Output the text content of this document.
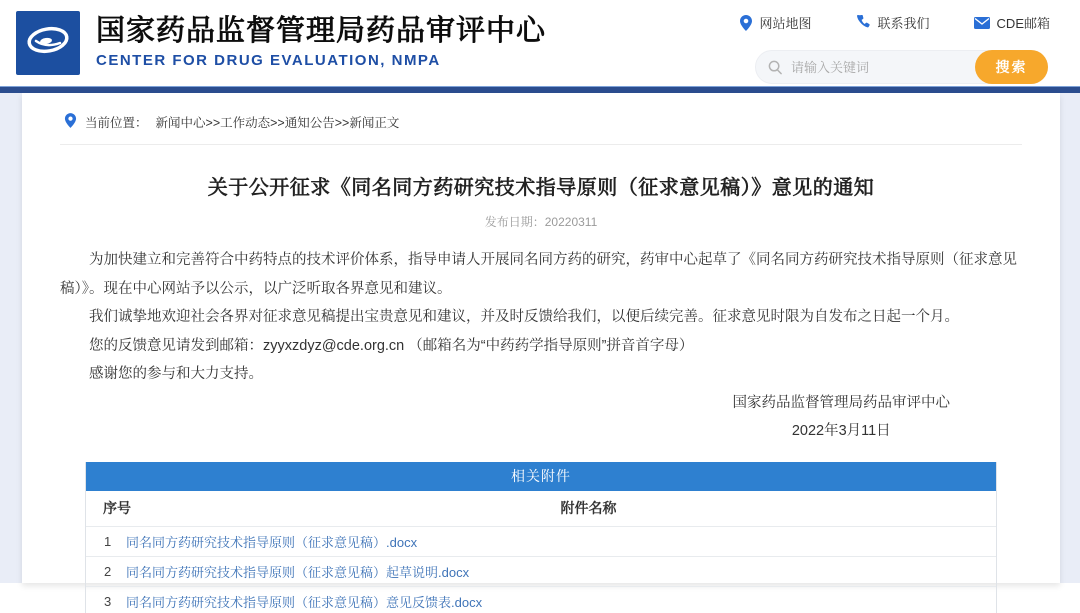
国家药品监督管理局药品审评中心
CENTER FOR DRUG EVALUATION, NMPA
网站地图	联系我们	CDE邮箱
请输入关键词
搜索
当前位置： 新闻中心>>工作动态>>通知公告>>新闻正文
关于公开征求《同名同方药研究技术指导原则（征求意见稿）》意见的通知
发布日期：20220311

为加快建立和完善符合中药特点的技术评价体系，指导申请人开展同名同方药的研究，药审中心起草了《同名同方药研究技术指导原则（征求意见稿）》。现在中心网站予以公示，以广泛听取各界意见和建议。

我们诚挚地欢迎社会各界对征求意见稿提出宝贵意见和建议，并及时反馈给我们，以便后续完善。征求意见时限为自发布之日起一个月。

您的反馈意见请发到邮箱：zyyxzdyz@cde.org.cn （邮箱名为“中药药学指导原则”拼音首字母）

感谢您的参与和大力支持。

国家药品监督管理局药品审评中心
2022年3月11日
相关附件
序号	附件名称
1	同名同方药研究技术指导原则（征求意见稿）.docx
2	同名同方药研究技术指导原则（征求意见稿）起草说明.docx
3	同名同方药研究技术指导原则（征求意见稿）意见反馈表.docx
